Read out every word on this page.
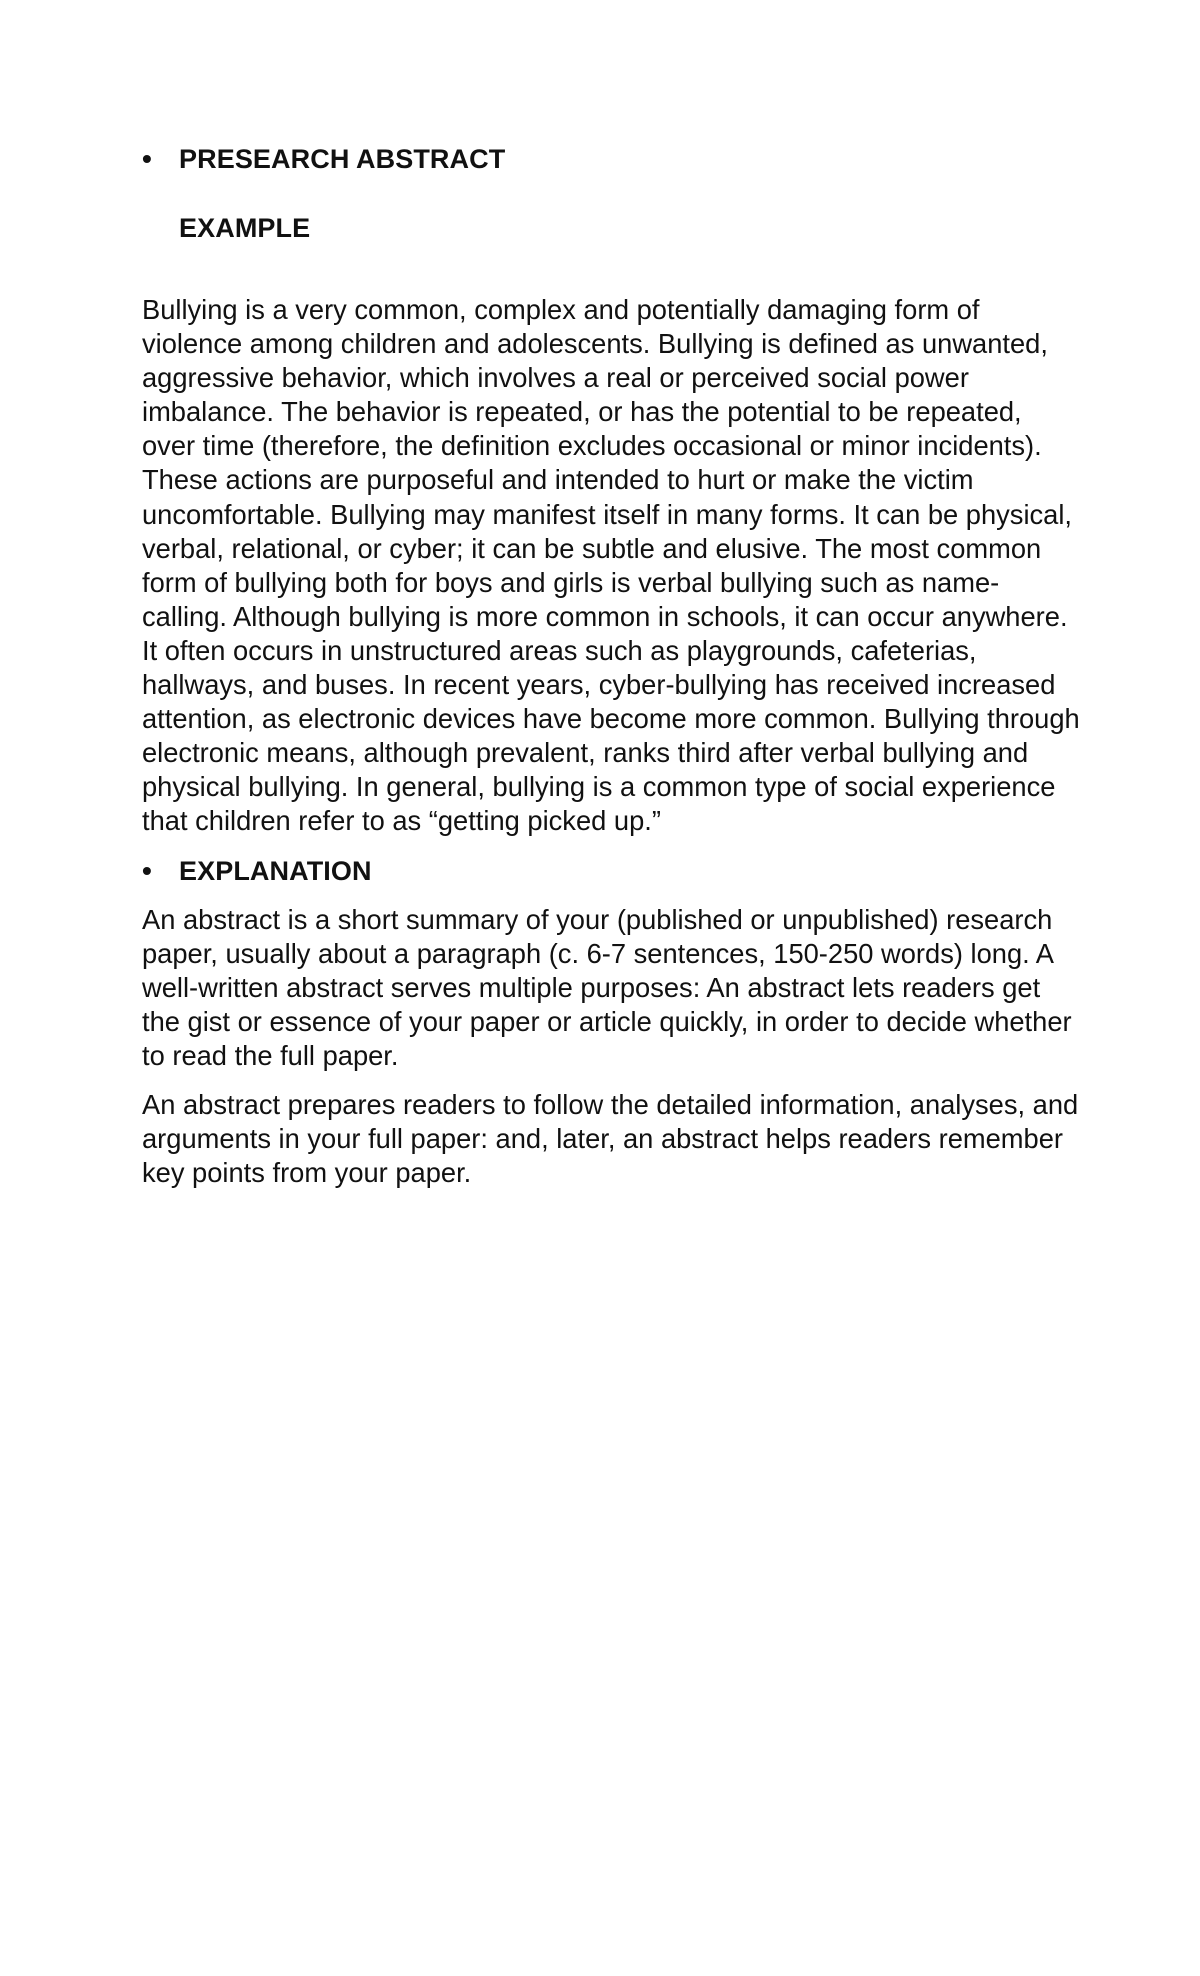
•	PRESEARCH ABSTRACT
EXAMPLE

Bullying is a very common, complex and potentially damaging form of violence among children and adolescents. Bullying is defined as unwanted, aggressive behavior, which involves a real or perceived social power imbalance. The behavior is repeated, or has the potential to be repeated, over time (therefore, the definition excludes occasional or minor incidents). These actions are purposeful and intended to hurt or make the victim uncomfortable. Bullying may manifest itself in many forms. It can be physical, verbal, relational, or cyber; it can be subtle and elusive. The most common form of bullying both for boys and girls is verbal bullying such as name-calling. Although bullying is more common in schools, it can occur anywhere. It often occurs in unstructured areas such as playgrounds, cafeterias, hallways, and buses. In recent years, cyber-bullying has received increased attention, as electronic devices have become more common. Bullying through electronic means, although prevalent, ranks third after verbal bullying and physical bullying. In general, bullying is a common type of social experience that children refer to as “getting picked up.”

•	EXPLANATION

An abstract is a short summary of your (published or unpublished) research paper, usually about a paragraph (c. 6-7 sentences, 150-250 words) long. A well-written abstract serves multiple purposes: An abstract lets readers get the gist or essence of your paper or article quickly, in order to decide whether to read the full paper.

An abstract prepares readers to follow the detailed information, analyses, and arguments in your full paper: and, later, an abstract helps readers remember key points from your paper.
